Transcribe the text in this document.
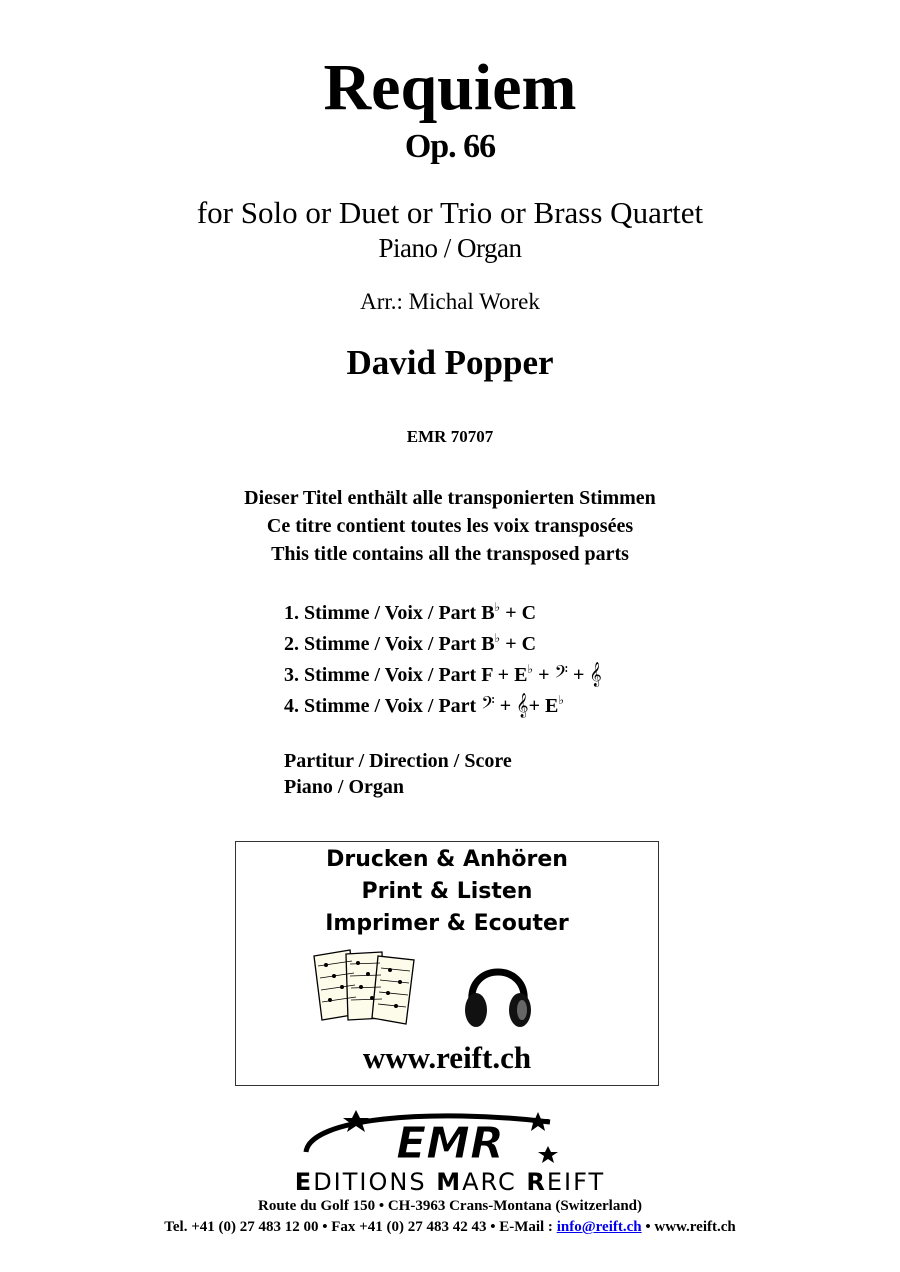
Requiem
Op. 66
for Solo or Duet or Trio or Brass Quartet
Piano / Organ
Arr.: Michal Worek
David Popper
EMR 70707
Dieser Titel enthält alle transponierten Stimmen
Ce titre contient toutes les voix transposées
This title contains all the transposed parts
1. Stimme / Voix / Part B♭ + C
2. Stimme / Voix / Part B♭ + C
3. Stimme / Voix / Part F + E♭ + 𝄢 + 𝄞
4. Stimme / Voix / Part 𝄢 + 𝄞+ E♭
Partitur / Direction / Score
Piano / Organ
Drucken & Anhören
Print & Listen
Imprimer & Ecouter
www.reift.ch
EMR
EDITIONS MARC REIFT
Route du Golf 150 • CH-3963 Crans-Montana (Switzerland)
Tel. +41 (0) 27 483 12 00 • Fax +41 (0) 27 483 42 43 • E-Mail : info@reift.ch • www.reift.ch
